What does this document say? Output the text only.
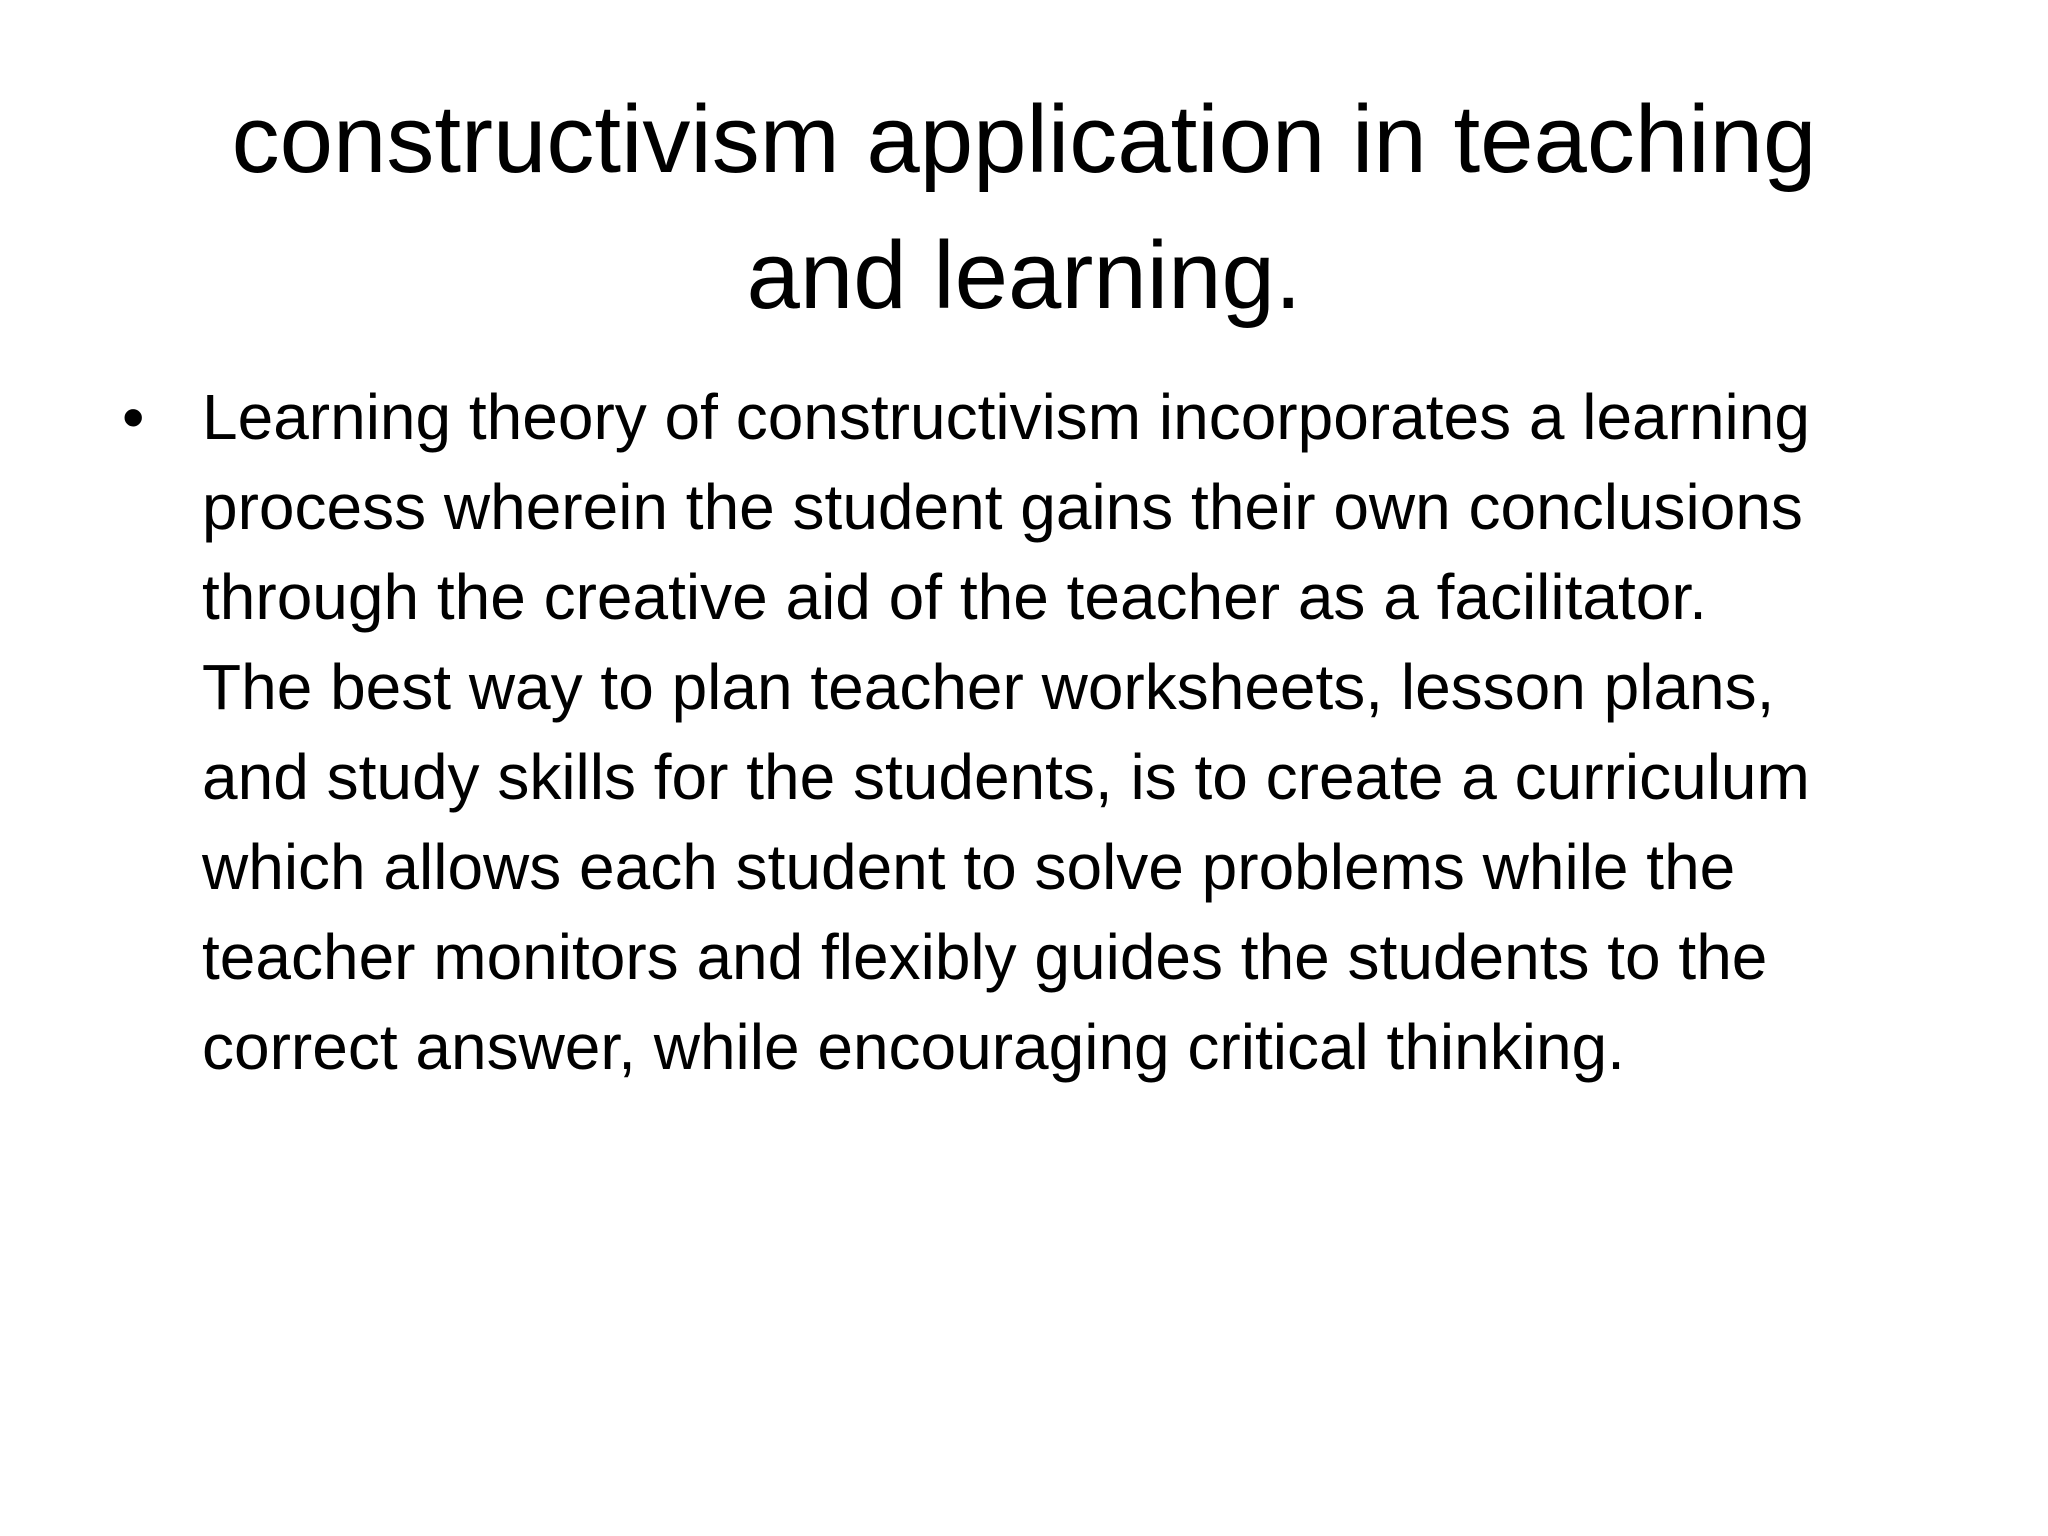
constructivism application in teaching
and learning.
• Learning theory of constructivism incorporates a learning
process wherein the student gains their own conclusions
through the creative aid of the teacher as a facilitator.
The best way to plan teacher worksheets, lesson plans,
and study skills for the students, is to create a curriculum
which allows each student to solve problems while the
teacher monitors and flexibly guides the students to the
correct answer, while encouraging critical thinking.
